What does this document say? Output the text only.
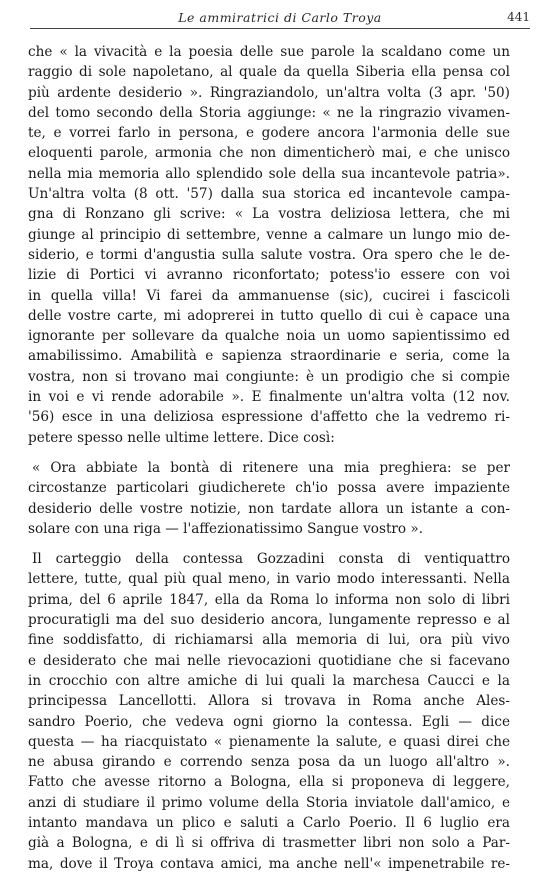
Le ammiratrici di Carlo Troya	441
che « la vivacità e la poesia delle sue parole la scaldano come un
raggio di sole napoletano, al quale da quella Siberia ella pensa col
più ardente desiderio ». Ringraziandolo, un'altra volta (3 apr. '50)
del tomo secondo della Storia aggiunge: « ne la ringrazio vivamen-
te, e vorrei farlo in persona, e godere ancora l'armonia delle sue
eloquenti parole, armonia che non dimenticherò mai, e che unisco
nella mia memoria allo splendido sole della sua incantevole patria».
Un'altra volta (8 ott. '57) dalla sua storica ed incantevole campa-
gna di Ronzano gli scrive: « La vostra deliziosa lettera, che mi
giunge al principio di settembre, venne a calmare un lungo mio de-
siderio, e tormi d'angustia sulla salute vostra. Ora spero che le de-
lizie di Portici vi avranno riconfortato; potess'io essere con voi
in quella villa! Vi farei da ammanuense (sic), cucirei i fascicoli
delle vostre carte, mi adoprerei in tutto quello di cui è capace una
ignorante per sollevare da qualche noia un uomo sapientissimo ed
amabilissimo. Amabilità e sapienza straordinarie e seria, come la
vostra, non si trovano mai congiunte: è un prodigio che si compie
in voi e vi rende adorabile ». E finalmente un'altra volta (12 nov.
'56) esce in una deliziosa espressione d'affetto che la vedremo ri-
petere spesso nelle ultime lettere. Dice così:
« Ora abbiate la bontà di ritenere una mia preghiera: se per
circostanze particolari giudicherete ch'io possa avere impaziente
desiderio delle vostre notizie, non tardate allora un istante a con-
solare con una riga — l'affezionatissimo Sangue vostro ».
Il carteggio della contessa Gozzadini consta di ventiquattro
lettere, tutte, qual più qual meno, in vario modo interessanti. Nella
prima, del 6 aprile 1847, ella da Roma lo informa non solo di libri
procuratigli ma del suo desiderio ancora, lungamente represso e al
fine soddisfatto, di richiamarsi alla memoria di lui, ora più vivo
e desiderato che mai nelle rievocazioni quotidiane che si facevano
in crocchio con altre amiche di lui quali la marchesa Caucci e la
principessa Lancellotti. Allora si trovava in Roma anche Ales-
sandro Poerio, che vedeva ogni giorno la contessa. Egli — dice
questa — ha riacquistato « pienamente la salute, e quasi direi che
ne abusa girando e correndo senza posa da un luogo all'altro ».
Fatto che avesse ritorno a Bologna, ella si proponeva di leggere,
anzi di studiare il primo volume della Storia inviatole dall'amico, e
intanto mandava un plico e saluti a Carlo Poerio. Il 6 luglio era
già a Bologna, e di lì si offriva di trasmetter libri non solo a Par-
ma, dove il Troya contava amici, ma anche nell'« impenetrabile re-
